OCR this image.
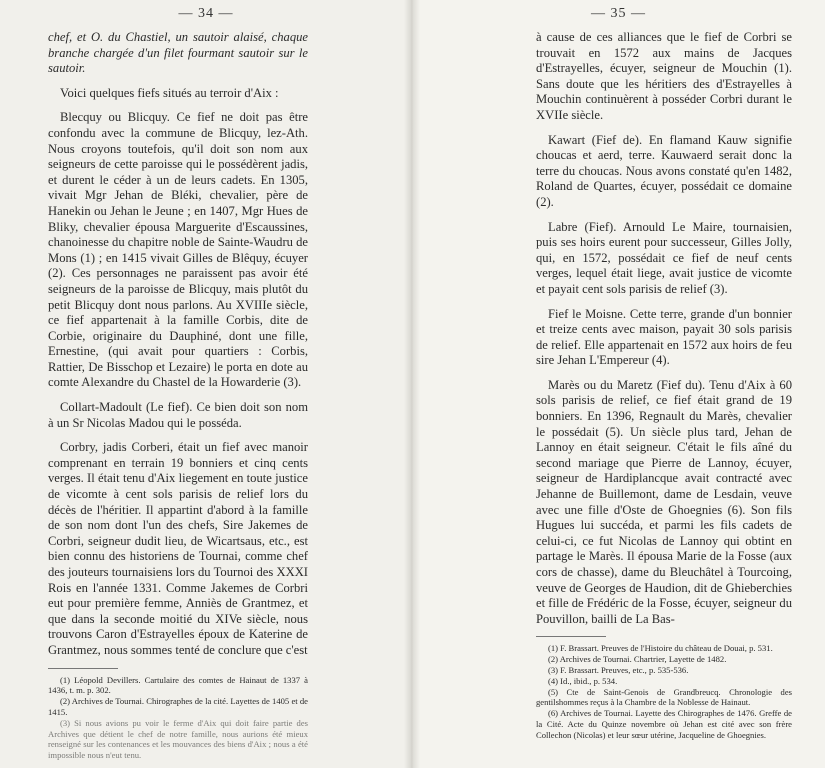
— 34 —

chef, et O. du Chastiel, un sautoir alaisé, chaque branche chargée d'un filet fourmant sautoir sur le sautoir.

Voici quelques fiefs situés au terroir d'Aix :

Blecquy ou Blicquy. Ce fief ne doit pas être confondu avec la commune de Blicquy, lez-Ath. Nous croyons toutefois, qu'il doit son nom aux seigneurs de cette paroisse qui le possédèrent jadis, et durent le céder à un de leurs cadets. En 1305, vivait Mgr Jehan de Bléki, chevalier, père de Hanekin ou Jehan le Jeune ; en 1407, Mgr Hues de Bliky, chevalier épousa Marguerite d'Escaussines, chanoinesse du chapitre noble de Sainte-Waudru de Mons (1) ; en 1415 vivait Gilles de Blêquy, écuyer (2). Ces personnages ne paraissent pas avoir été seigneurs de la paroisse de Blicquy, mais plutôt du petit Blicquy dont nous parlons. Au XVIIIe siècle, ce fief appartenait à la famille Corbis, dite de Corbie, originaire du Dauphiné, dont une fille, Ernestine, (qui avait pour quartiers : Corbis, Rattier, De Bisschop et Lezaire) le porta en dote au comte Alexandre du Chastel de la Howarderie (3).

Collart-Madoult (Le fief). Ce bien doit son nom à un Sr Nicolas Madou qui le posséda.

Corbry, jadis Corberi, était un fief avec manoir comprenant en terrain 19 bonniers et cinq cents verges. Il était tenu d'Aix liegement en toute justice de vicomte à cent sols parisis de relief lors du décès de l'héritier. Il appartint d'abord à la famille de son nom dont l'un des chefs, Sire Jakemes de Corbri, seigneur dudit lieu, de Wicartsaus, etc., est bien connu des historiens de Tournai, comme chef des jouteurs tournaisiens lors du Tournoi des XXXI Rois en l'année 1331. Comme Jakemes de Corbri eut pour première femme, Anniès de Grantmez, et que dans la seconde moitié du XIVe siècle, nous trouvons Caron d'Estrayelles époux de Katerine de Grantmez, nous sommes tenté de conclure que c'est

(1) Léopold Devillers. Cartulaire des comtes de Hainaut de 1337 à 1436, t. m. p. 302.
(2) Archives de Tournai. Chirographes de la cité. Layettes de 1405 et de 1415.
(3) Si nous avions pu voir le ferme d'Aix qui doit faire partie des Archives que détient le chef de notre famille, nous aurions été mieux renseigné sur les contenances et les mouvances des biens d'Aix ; nous a été impossible nous n'eut tenu.
— 35 —

à cause de ces alliances que le fief de Corbri se trouvait en 1572 aux mains de Jacques d'Estrayelles, écuyer, seigneur de Mouchin (1). Sans doute que les héritiers des d'Estrayelles à Mouchin continuèrent à posséder Corbri durant le XVIIe siècle.

Kawart (Fief de). En flamand Kauw signifie choucas et aerd, terre. Kauwaerd serait donc la terre du choucas. Nous avons constaté qu'en 1482, Roland de Quartes, écuyer, possédait ce domaine (2).

Labre (Fief). Arnould Le Maire, tournaisien, puis ses hoirs eurent pour successeur, Gilles Jolly, qui, en 1572, possédait ce fief de neuf cents verges, lequel était liege, avait justice de vicomte et payait cent sols parisis de relief (3).

Fief le Moisne. Cette terre, grande d'un bonnier et treize cents avec maison, payait 30 sols parisis de relief. Elle appartenait en 1572 aux hoirs de feu sire Jehan L'Empereur (4).

Marès ou du Maretz (Fief du). Tenu d'Aix à 60 sols parisis de relief, ce fief était grand de 19 bonniers. En 1396, Regnault du Marès, chevalier le possédait (5). Un siècle plus tard, Jehan de Lannoy en était seigneur. C'était le fils aîné du second mariage que Pierre de Lannoy, écuyer, seigneur de Hardiplancque avait contracté avec Jehanne de Buillemont, dame de Lesdain, veuve avec une fille d'Oste de Ghoegnies (6). Son fils Hugues lui succéda, et parmi les fils cadets de celui-ci, ce fut Nicolas de Lannoy qui obtint en partage le Marès. Il épousa Marie de la Fosse (aux cors de chasse), dame du Bleuchâtel à Tourcoing, veuve de Georges de Haudion, dit de Ghieberchies et fille de Frédéric de la Fosse, écuyer, seigneur du Pouvillon, bailli de La Bas-

(1) F. Brassart. Preuves de l'Histoire du château de Douai, p. 531.
(2) Archives de Tournai. Chartrier, Layette de 1482.
(3) F. Brassart. Preuves, etc., p. 535-536.
(4) Id., ibid., p. 534.
(5) Cte de Saint-Genois de Grandbreucq. Chronologie des gentilshommes reçus à la Chambre de la Noblesse de Hainaut.
(6) Archives de Tournai. Layette des Chirographes de 1476. Greffe de la Cité. Acte du Quinze novembre où Jehan est cité avec son frère Collechon (Nicolas) et leur sœur utérine, Jacqueline de Ghoegnies.
